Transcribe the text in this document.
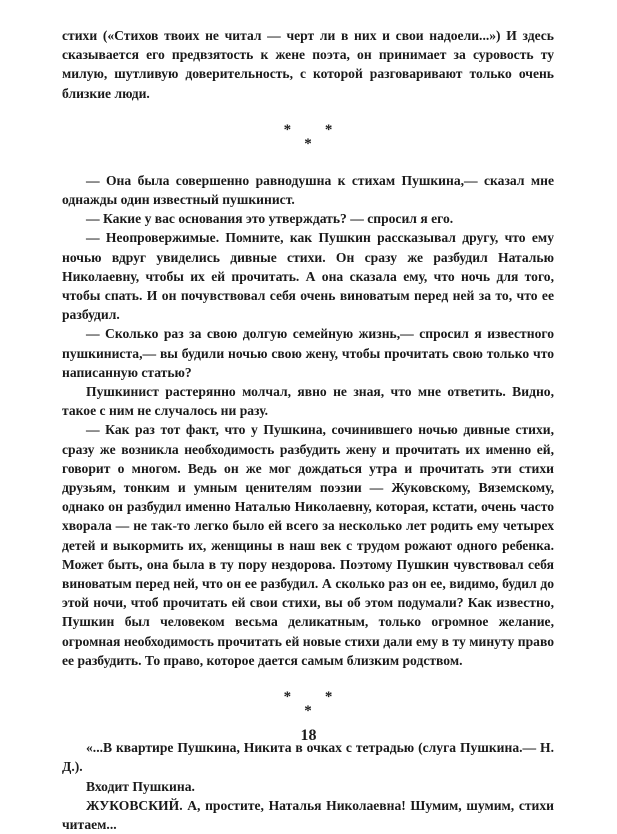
стихи («Стихов твоих не читал — черт ли в них и свои надоели...») И здесь сказывается его предвзятость к жене поэта, он принимает за суровость ту милую, шутливую доверительность, с которой разговаривают только очень близкие люди.

* *
*

— Она была совершенно равнодушна к стихам Пушкина,— сказал мне однажды один известный пушкинист.

— Какие у вас основания это утверждать? — спросил я его.

— Неопровержимые. Помните, как Пушкин рассказывал другу, что ему ночью вдруг увиделись дивные стихи. Он сразу же разбудил Наталью Николаевну, чтобы их ей прочитать. А она сказала ему, что ночь для того, чтобы спать. И он почувствовал себя очень виноватым перед ней за то, что ее разбудил.

— Сколько раз за свою долгую семейную жизнь,— спросил я известного пушкиниста,— вы будили ночью свою жену, чтобы прочитать свою только что написанную статью?

Пушкинист растерянно молчал, явно не зная, что мне ответить. Видно, такое с ним не случалось ни разу.

— Как раз тот факт, что у Пушкина, сочинившего ночью дивные стихи, сразу же возникла необходимость разбудить жену и прочитать их именно ей, говорит о многом. Ведь он же мог дождаться утра и прочитать эти стихи друзьям, тонким и умным ценителям поэзии — Жуковскому, Вяземскому, однако он разбудил именно Наталью Николаевну, которая, кстати, очень часто хворала — не так-то легко было ей всего за несколько лет родить ему четырех детей и выкормить их, женщины в наш век с трудом рожают одного ребенка. Может быть, она была в ту пору нездорова. Поэтому Пушкин чувствовал себя виноватым перед ней, что он ее разбудил. А сколько раз он ее, видимо, будил до этой ночи, чтоб прочитать ей свои стихи, вы об этом подумали? Как известно, Пушкин был человеком весьма деликатным, только огромное желание, огромная необходимость прочитать ей новые стихи дали ему в ту минуту право ее разбудить. То право, которое дается самым близким родством.

* *
*

«...В квартире Пушкина, Никита в очках с тетрадью (слуга Пушкина.— Н. Д.).

Входит Пушкина.

ЖУКОВСКИЙ. А, простите, Наталья Николаевна! Шумим, шумим, стихи читаем...

18
